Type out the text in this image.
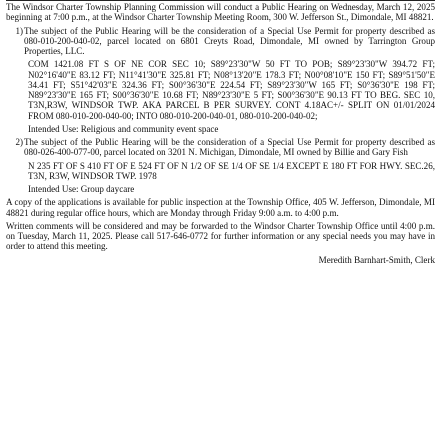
The Windsor Charter Township Planning Commission will conduct a Public Hearing on Wednesday, March 12, 2025 beginning at 7:00 p.m., at the Windsor Charter Township Meeting Room, 300 W. Jefferson St., Dimondale, MI 48821.

1) The subject of the Public Hearing will be the consideration of a Special Use Permit for property described as 080-010-200-040-02, parcel located on 6801 Creyts Road, Dimondale, MI owned by Tarrington Group Properties, LLC.

COM 1421.08 FT S OF NE COR SEC 10; S89°23'30"W 50 FT TO POB; S89°23'30"W 394.72 FT; N02°16'40"E 83.12 FT; N11°41'30"E 325.81 FT; N08°13'20"E 178.3 FT; N00°08'10"E 150 FT; S89°51'50"E 34.41 FT; S51°42'03"E 324.36 FT; S00°36'30"E 224.54 FT; S89°23'30"W 165 FT; S0°36'30"E 198 FT; N89°23'30"E 165 FT; S00°36'30"E 10.68 FT; N89°23'30"E 5 FT; S00°36'30"E 90.13 FT TO BEG. SEC 10, T3N,R3W, WINDSOR TWP. AKA PARCEL B PER SURVEY. CONT 4.18AC+/- SPLIT ON 01/01/2024 FROM 080-010-200-040-00; INTO 080-010-200-040-01, 080-010-200-040-02;

Intended Use: Religious and community event space

2) The subject of the Public Hearing will be the consideration of a Special Use Permit for property described as 080-026-400-077-00, parcel located on 3201 N. Michigan, Dimondale, MI owned by Billie and Gary Fish

N 235 FT OF S 410 FT OF E 524 FT OF N 1/2 OF SE 1/4 OF SE 1/4 EXCEPT E 180 FT FOR HWY. SEC.26, T3N, R3W, WINDSOR TWP. 1978

Intended Use: Group daycare

A copy of the applications is available for public inspection at the Township Office, 405 W. Jefferson, Dimondale, MI 48821 during regular office hours, which are Monday through Friday 9:00 a.m. to 4:00 p.m.

Written comments will be considered and may be forwarded to the Windsor Charter Township Office until 4:00 p.m. on Tuesday, March 11, 2025. Please call 517-646-0772 for further information or any special needs you may have in order to attend this meeting.

Meredith Barnhart-Smith, Clerk
